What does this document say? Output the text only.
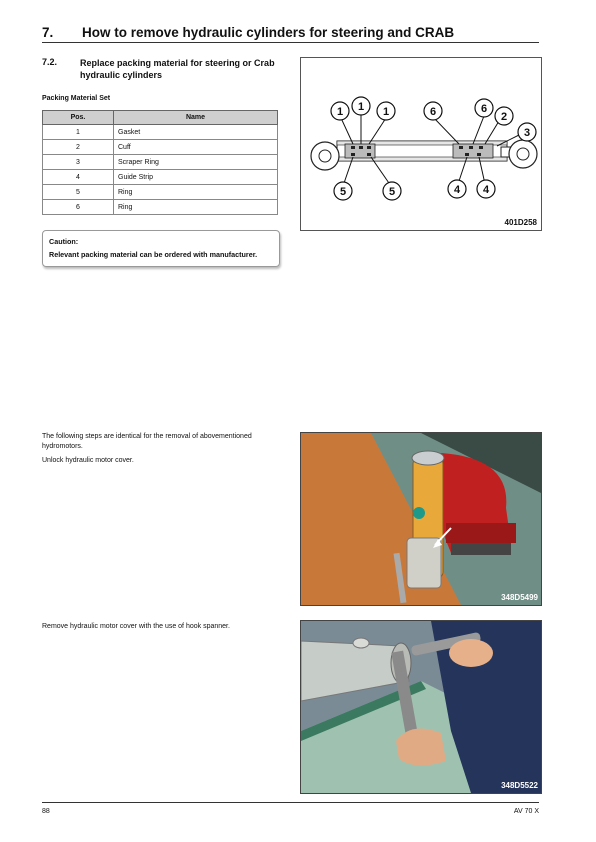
7. How to remove hydraulic cylinders for steering and CRAB
7.2.	Replace packing material for steering or Crab hydraulic cylinders
Packing Material Set
Pos.	Name
1	Gasket
2	Cuff
3	Scraper Ring
4	Guide Strip
5	Ring
6	Ring
Caution:
Relevant packing material can be ordered with manufacturer.
1 1 1	6	6
2
3
5	5	4 4
401D258
The following steps are identical for the removal of abovementioned hydromotors.
Unlock hydraulic motor cover.
348D5499
Remove hydraulic motor cover with the use of hook spanner.
348D5522
88	AV 70 X
